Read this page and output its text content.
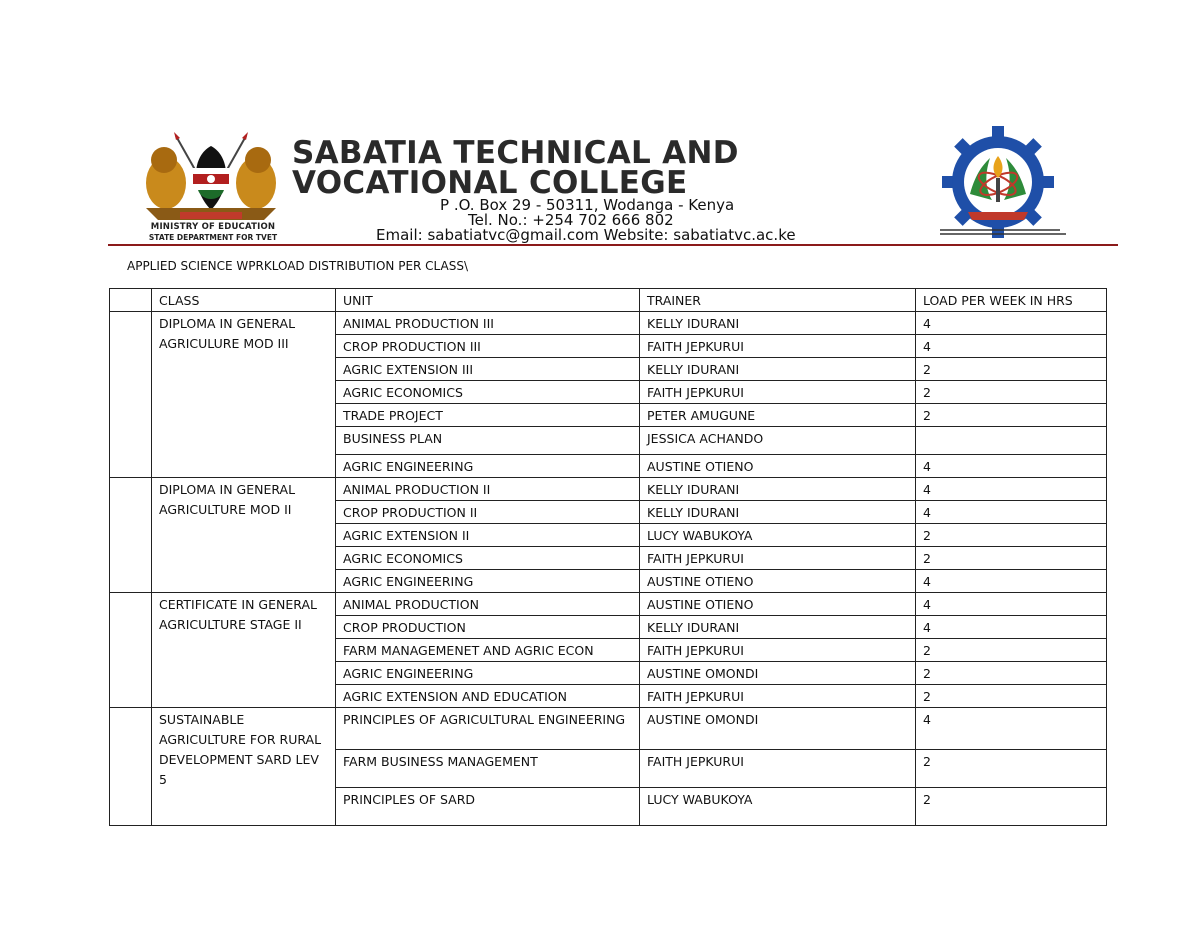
MINISTRY OF EDUCATION
STATE DEPARTMENT FOR TVET
SABATIA TECHNICAL AND
VOCATIONAL COLLEGE
P .O. Box 29 - 50311, Wodanga - Kenya
Tel. No.: +254 702 666 802
Email: sabatiatvc@gmail.com Website: sabatiatvc.ac.ke
APPLIED SCIENCE WPRKLOAD DISTRIBUTION PER CLASS\
	CLASS	UNIT	TRAINER	LOAD PER WEEK IN HRS
	DIPLOMA IN GENERAL AGRICULURE MOD III	ANIMAL PRODUCTION III	KELLY IDURANI	4
		CROP PRODUCTION III	FAITH JEPKURUI	4
		AGRIC EXTENSION III	KELLY IDURANI	2
		AGRIC ECONOMICS	FAITH JEPKURUI	2
		TRADE PROJECT	PETER AMUGUNE	2
		BUSINESS PLAN	JESSICA ACHANDO	
		AGRIC ENGINEERING	AUSTINE OTIENO	4
	DIPLOMA IN GENERAL AGRICULTURE MOD II	ANIMAL PRODUCTION II	KELLY IDURANI	4
		CROP PRODUCTION II	KELLY IDURANI	4
		AGRIC EXTENSION II	LUCY WABUKOYA	2
		AGRIC ECONOMICS	FAITH JEPKURUI	2
		AGRIC ENGINEERING	AUSTINE OTIENO	4
	CERTIFICATE IN GENERAL AGRICULTURE STAGE II	ANIMAL PRODUCTION	AUSTINE OTIENO	4
		CROP PRODUCTION	KELLY IDURANI	4
		FARM MANAGEMENET AND AGRIC ECON	FAITH JEPKURUI	2
		AGRIC ENGINEERING	AUSTINE OMONDI	2
		AGRIC EXTENSION AND EDUCATION	FAITH JEPKURUI	2
	SUSTAINABLE AGRICULTURE FOR RURAL DEVELOPMENT SARD LEV 5	PRINCIPLES OF AGRICULTURAL ENGINEERING	AUSTINE OMONDI	4
		FARM BUSINESS MANAGEMENT	FAITH JEPKURUI	2
		PRINCIPLES OF SARD	LUCY WABUKOYA	2
